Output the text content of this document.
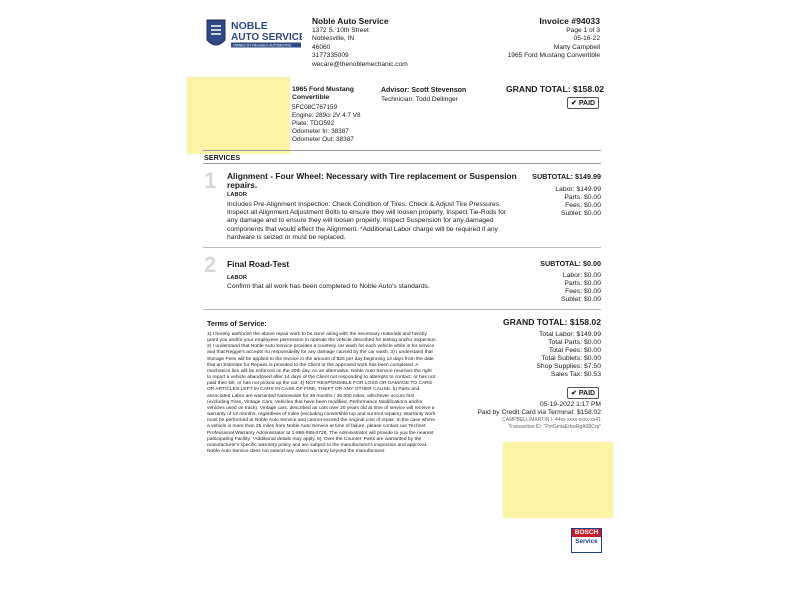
NOBLE
AUTO SERVICE
OWNED BY REGGIE'S AUTOMOTIVE
Noble Auto Service
1372 S. 10th Street
Noblesville, IN
46060
3177335009
wecare@thenoblemechanic.com
Invoice #94033
Page 1 of 3
05-16-22
Marty Campbell
1965 Ford Mustang Convertible
1965 Ford Mustang
Convertible
5FC08C767159
Engine: 289ci 2V 4.7 V8
Plate: TDO592
Odometer In: 38387
Odometer Out: 38387
Advisor: Scott Stevenson
Technician: Todd Dellinger
GRAND TOTAL: $158.02
✔ PAID
SERVICES
1 Alignment - Four Wheel: Necessary with Tire replacement or Suspension repairs.
SUBTOTAL: $149.99
LABOR
Includes Pre-Alignment Inspection: Check Condition of Tires. Check & Adjust Tire Pressures. Inspect all Alignment Adjustment Bolts to ensure they will loosen properly. Inspect Tie-Rods for any damage and to ensure they will loosen properly. Inspect Suspension for any damaged components that would effect the Alignment. *Additional Labor charge will be required if any hardware is seized or must be replaced.
Labor: $149.99
Parts: $0.00
Fees: $0.00
Sublet: $0.00
2 Final Road-Test	SUBTOTAL: $0.00
LABOR
Confirm that all work has been completed to Noble Auto's standards.
Labor: $0.00
Parts: $0.00
Fees: $0.00
Sublet: $0.00
Terms of Service:
1) I hereby authorize the above repair work to be done along with the necessary materials and hereby grant you and/or your employees permission to operate the vehicle described for testing and/or inspection. 2) I understand that Noble Auto Service provides a courtesy car wash for each vehicle while in for service and that Reggie's accepts no responsibility for any damage caused by the car wash. 3) I understand that Storage Fees will be applied to the Invoice in the amount of $25 per day beginning 14 days from the date that an Estimate for Repairs is provided to the Client or the approved work has been completed. A mechanics lien will be enforced on the 30th day. As an alternative, Noble Auto Service reserves the right to report a vehicle abandoned after 14 days of the Client not responding to attempts to contact, or has not paid their bill, or has not picked up the car. 4) NOT RESPONSIBLE FOR LOSS OR DAMAGE TO CARS OR ARTICLES LEFT IN CARS IN CASE OF FIRE, THEFT OR ANY OTHER CAUSE. 5) Parts and associated Labor are warranted Nationwide for 36 months / 36,000 miles, whichever occurs first (excluding Tires, Vintage Cars, Vehicles that have been modified, Performance Modifications and/or vehicles used on track). Vintage cars, described as cars over 20 years old at time of service will receive a warranty of 12 months, regardless of miles (excluding convertible top and sunroof repairs). Warranty work must be performed at Noble Auto Service and cannot exceed the original cost of repair. In the case where a vehicle is more than 25 miles from Noble Auto Service at time of failure, please contact our Technet Professional Warranty Administrator at 1-866-588-0728. The Administrator will provide to you the nearest participating Facility. *Additional details may apply. 6) 'Over the Counter' Parts are warranted by the manufacturer's specific warranty policy and are subject to the manufacturer's inspection and approval. Noble Auto Service does not extend any stated warranty beyond the manufacturer.
GRAND TOTAL: $158.02
Total Labor: $149.99
Total Parts: $0.00
Total Fees: $0.00
Total Sublets: $0.00
Shop Supplies: $7.50
Sales Tax: $0.53
✔ PAID
05-19-2022 1:17 PM
Paid by Credit Card via Terminal: $158.02
CAMPBELL/MARTIN I. 44xx-xxxx-xxxx-xx41
Transaction ID: "PotGmlaErkwRgA08Crp"
BOSCH
Service
